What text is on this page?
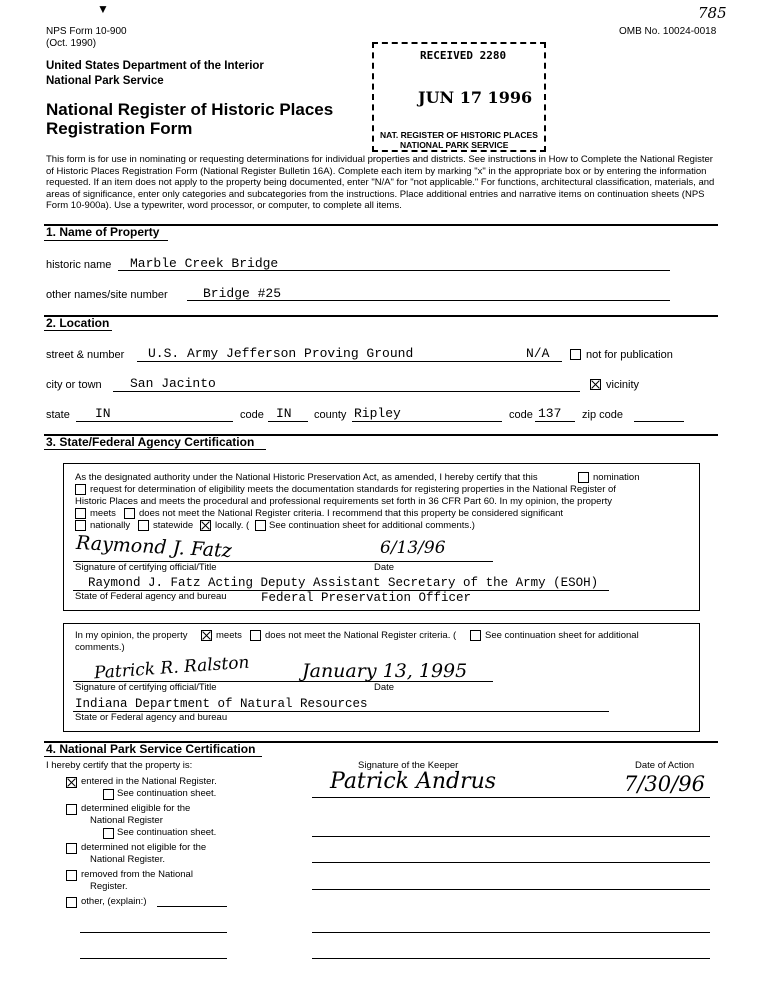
▼
NPS Form 10-900
(Oct. 1990)
OMB No. 10024-0018
785
United States Department of the Interior
National Park Service
National Register of Historic Places
Registration Form
RECEIVED 2280
JUN 17 1996
NAT. REGISTER OF HISTORIC PLACES
NATIONAL PARK SERVICE
This form is for use in nominating or requesting determinations for individual properties and districts. See instructions in How to Complete the National Register of Historic Places Registration Form (National Register Bulletin 16A). Complete each item by marking "x" in the appropriate box or by entering the information requested. If an item does not apply to the property being documented, enter "N/A" for "not applicable." For functions, architectural classification, materials, and areas of significance, enter only categories and subcategories from the instructions. Place additional entries and narrative items on continuation sheets (NPS Form 10-900a). Use a typewriter, word processor, or computer, to complete all items.
1. Name of Property
historic name Marble Creek Bridge
other names/site number	Bridge #25
2. Location
street & number U.S. Army Jefferson Proving Ground	N/A	not for publication
city or town San Jacinto	vicinity
state IN	code IN county Ripley	code 137 zip code
3. State/Federal Agency Certification
As the designated authority under the National Historic Preservation Act, as amended, I hereby certify that this	nomination
request for determination of eligibility meets the documentation standards for registering properties in the National Register of
Historic Places and meets the procedural and professional requirements set forth in 36 CFR Part 60. In my opinion, the property
meets does not meet the National Register criteria. I recommend that this property be considered significant
nationally statewide locally. ( See continuation sheet for additional comments.)
Raymond J. Fatz	6/13/96
Signature of certifying official/Title	Date
Raymond J. Fatz Acting Deputy Assistant Secretary of the Army (ESOH)
State of Federal agency and bureau	Federal Preservation Officer
In my opinion, the property	meets does not meet the National Register criteria. (	See continuation sheet for additional
comments.)
Patrick R. Ralston	January 13, 1995
Signature of certifying official/Title	Date
Indiana Department of Natural Resources
State or Federal agency and bureau
4. National Park Service Certification
I hereby certify that the property is:	Signature of the Keeper	Date of Action
entered in the National Register.
See continuation sheet.
determined eligible for the
National Register
See continuation sheet.
determined not eligible for the
National Register.
removed from the National
Register.
other, (explain:)
Patrick Andrus	7/30/96
